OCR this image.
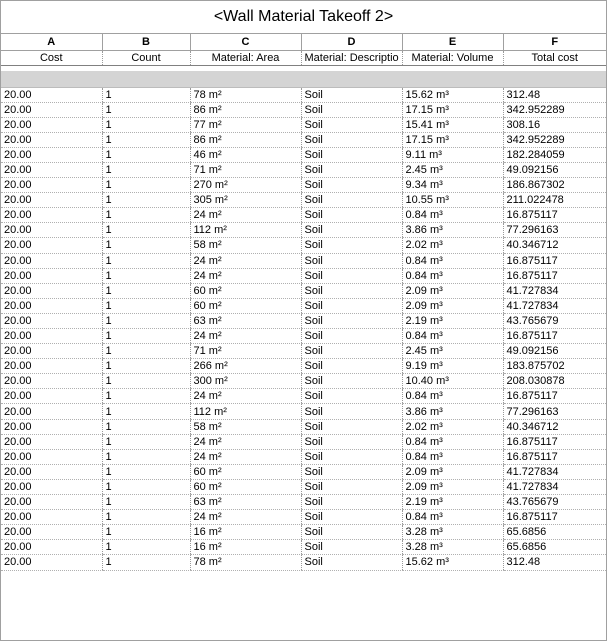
<Wall Material Takeoff 2>
A	B	C	D	E	F
Cost	Count	Material: Area	Material: Descriptio	Material: Volume	Total cost

20.00	1	78 m²	Soil	15.62 m³	312.48
20.00	1	86 m²	Soil	17.15 m³	342.952289
20.00	1	77 m²	Soil	15.41 m³	308.16
20.00	1	86 m²	Soil	17.15 m³	342.952289
20.00	1	46 m²	Soil	9.11 m³	182.284059
20.00	1	71 m²	Soil	2.45 m³	49.092156
20.00	1	270 m²	Soil	9.34 m³	186.867302
20.00	1	305 m²	Soil	10.55 m³	211.022478
20.00	1	24 m²	Soil	0.84 m³	16.875117
20.00	1	112 m²	Soil	3.86 m³	77.296163
20.00	1	58 m²	Soil	2.02 m³	40.346712
20.00	1	24 m²	Soil	0.84 m³	16.875117
20.00	1	24 m²	Soil	0.84 m³	16.875117
20.00	1	60 m²	Soil	2.09 m³	41.727834
20.00	1	60 m²	Soil	2.09 m³	41.727834
20.00	1	63 m²	Soil	2.19 m³	43.765679
20.00	1	24 m²	Soil	0.84 m³	16.875117
20.00	1	71 m²	Soil	2.45 m³	49.092156
20.00	1	266 m²	Soil	9.19 m³	183.875702
20.00	1	300 m²	Soil	10.40 m³	208.030878
20.00	1	24 m²	Soil	0.84 m³	16.875117
20.00	1	112 m²	Soil	3.86 m³	77.296163
20.00	1	58 m²	Soil	2.02 m³	40.346712
20.00	1	24 m²	Soil	0.84 m³	16.875117
20.00	1	24 m²	Soil	0.84 m³	16.875117
20.00	1	60 m²	Soil	2.09 m³	41.727834
20.00	1	60 m²	Soil	2.09 m³	41.727834
20.00	1	63 m²	Soil	2.19 m³	43.765679
20.00	1	24 m²	Soil	0.84 m³	16.875117
20.00	1	16 m²	Soil	3.28 m³	65.6856
20.00	1	16 m²	Soil	3.28 m³	65.6856
20.00	1	78 m²	Soil	15.62 m³	312.48
